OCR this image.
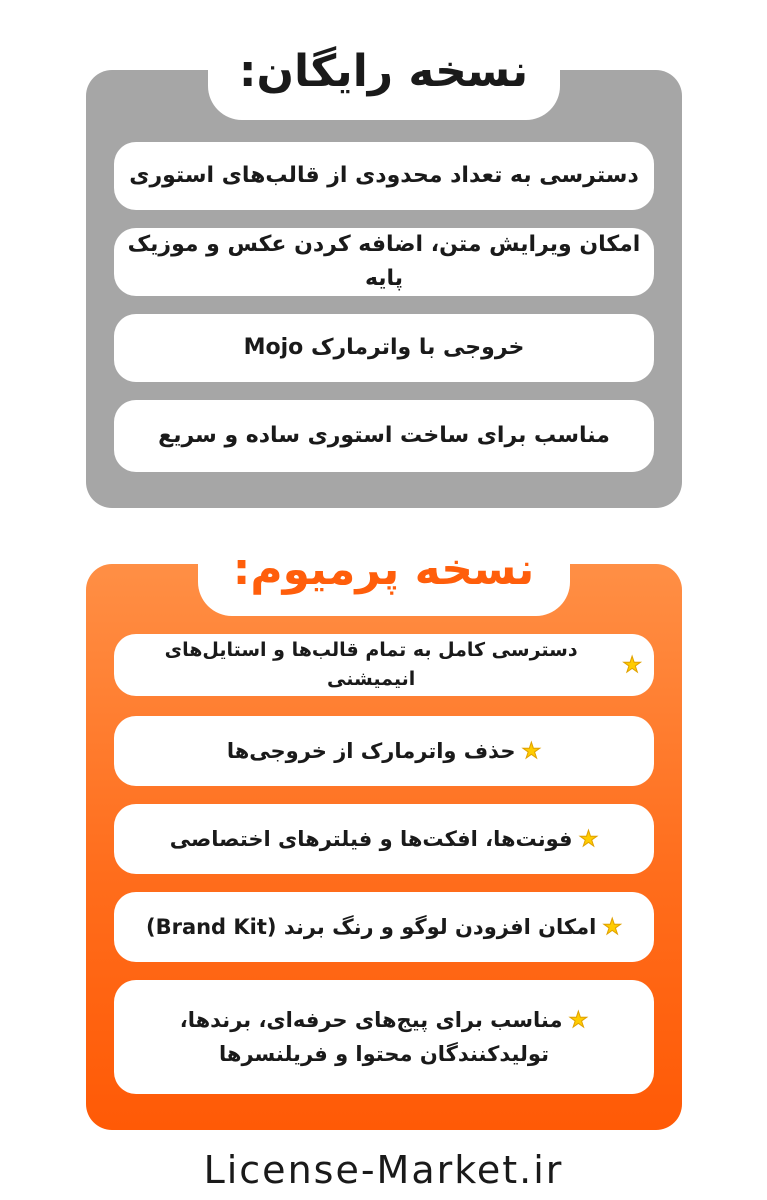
نسخه رایگان:
دسترسی به تعداد محدودی از قالب‌های استوری
امکان ویرایش متن، اضافه کردن عکس و موزیک پایه
خروجی با واترمارک Mojo
مناسب برای ساخت استوری ساده و سریع
نسخه پرمیوم:
★
دسترسی کامل به تمام قالب‌ها و استایل‌های انیمیشنی
★
حذف واترمارک از خروجی‌ها
★
فونت‌ها، افکت‌ها و فیلترهای اختصاصی
★
امکان افزودن لوگو و رنگ برند (Brand Kit)
★مناسب برای پیج‌های حرفه‌ای، برندها، تولیدکنندگان محتوا و فریلنسرها
License-Market.ir
